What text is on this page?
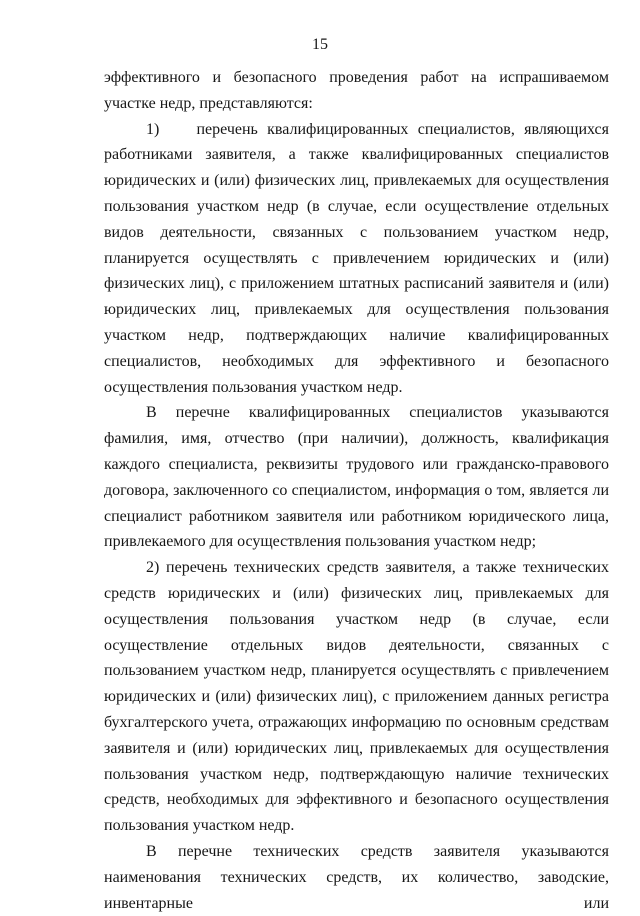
15

эффективного и безопасного проведения работ на испрашиваемом участке недр, представляются:

1)    перечень квалифицированных специалистов, являющихся работниками заявителя, а также квалифицированных специалистов юридических и (или) физических лиц, привлекаемых для осуществления пользования участком недр (в случае, если осуществление отдельных видов деятельности, связанных с пользованием участком недр, планируется осуществлять с привлечением юридических и (или) физических лиц), с приложением штатных расписаний заявителя и (или) юридических лиц, привлекаемых для осуществления пользования участком недр, подтверждающих наличие квалифицированных специалистов, необходимых для эффективного и безопасного осуществления пользования участком недр.

В перечне квалифицированных специалистов указываются фамилия, имя, отчество (при наличии), должность, квалификация каждого специалиста, реквизиты трудового или гражданско-правового договора, заключенного со специалистом, информация о том, является ли специалист работником заявителя или работником юридического лица, привлекаемого для осуществления пользования участком недр;

2) перечень технических средств заявителя, а также технических средств юридических и (или) физических лиц, привлекаемых для осуществления пользования участком недр (в случае, если осуществление отдельных видов деятельности, связанных с пользованием участком недр, планируется осуществлять с привлечением юридических и (или) физических лиц), с приложением данных регистра бухгалтерского учета, отражающих информацию по основным средствам заявителя и (или) юридических лиц, привлекаемых для осуществления пользования участком недр, подтверждающую наличие технических средств, необходимых для эффективного и безопасного осуществления пользования участком недр.

В перечне технических средств заявителя указываются наименования технических средств, их количество, заводские, инвентарные или
